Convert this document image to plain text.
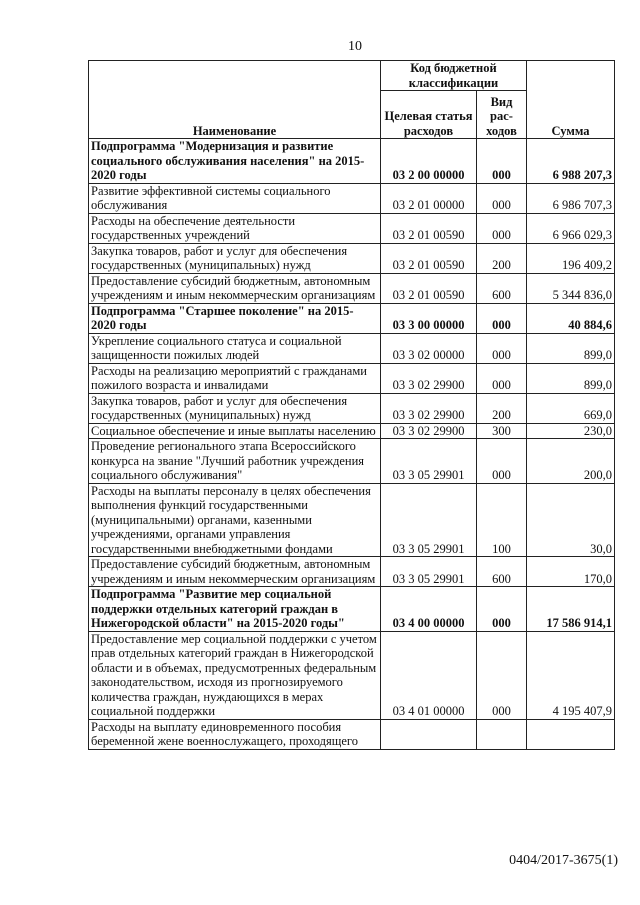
10
Наименование	Код бюджетной классификации		Сумма
	Целевая статья расходов	Вид рас-ходов	
Подпрограмма "Модернизация и развитие социального обслуживания населения" на 2015-2020 годы	03 2 00 00000	000	6 988 207,3
Развитие эффективной системы социального обслуживания	03 2 01 00000	000	6 986 707,3
Расходы на обеспечение деятельности государственных учреждений	03 2 01 00590	000	6 966 029,3
Закупка товаров, работ и услуг для обеспечения государственных (муниципальных) нужд	03 2 01 00590	200	196 409,2
Предоставление субсидий бюджетным, автономным учреждениям и иным некоммерческим организациям	03 2 01 00590	600	5 344 836,0
Подпрограмма "Старшее поколение" на 2015-2020 годы	03 3 00 00000	000	40 884,6
Укрепление социального статуса и социальной защищенности пожилых людей	03 3 02 00000	000	899,0
Расходы на реализацию мероприятий с гражданами пожилого возраста и инвалидами	03 3 02 29900	000	899,0
Закупка товаров, работ и услуг для обеспечения государственных (муниципальных) нужд	03 3 02 29900	200	669,0
Социальное обеспечение и иные выплаты населению	03 3 02 29900	300	230,0
Проведение регионального этапа Всероссийского конкурса на звание "Лучший работник учреждения социального обслуживания"	03 3 05 29901	000	200,0
Расходы на выплаты персоналу в целях обеспечения выполнения функций государственными (муниципальными) органами, казенными учреждениями, органами управления государственными внебюджетными фондами	03 3 05 29901	100	30,0
Предоставление субсидий бюджетным, автономным учреждениям и иным некоммерческим организациям	03 3 05 29901	600	170,0
Подпрограмма "Развитие мер социальной поддержки отдельных категорий граждан в Нижегородской области" на 2015-2020 годы"	03 4 00 00000	000	17 586 914,1
Предоставление мер социальной поддержки с учетом прав отдельных категорий граждан в Нижегородской области и в объемах, предусмотренных федеральным законодательством, исходя из прогнозируемого количества граждан, нуждающихся в мерах социальной поддержки	03 4 01 00000	000	4 195 407,9
Расходы на выплату единовременного пособия беременной жене военнослужащего, проходящего			
0404/2017-3675(1)
